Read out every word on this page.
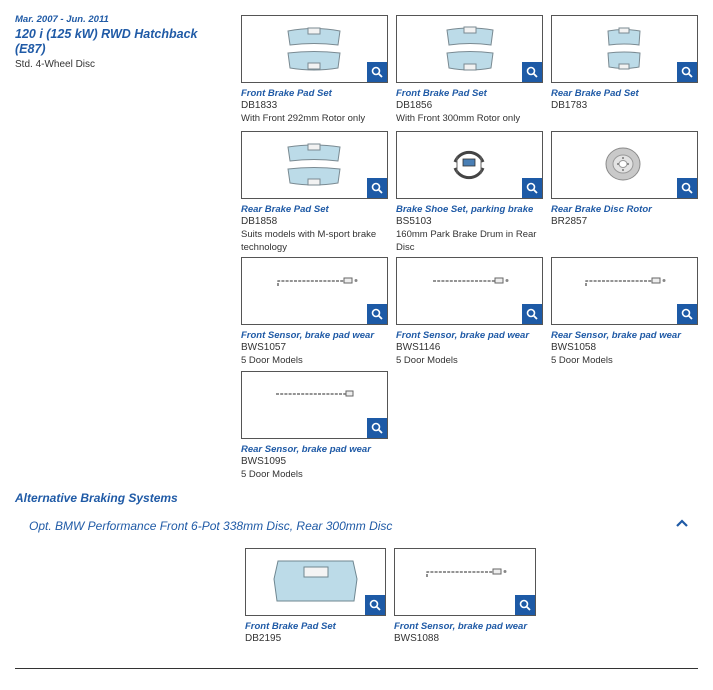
Mar. 2007 - Jun. 2011
120 i (125 kW) RWD Hatchback (E87)
Std. 4-Wheel Disc
Front Brake Pad Set
DB1833
With Front 292mm Rotor only
Front Brake Pad Set
DB1856
With Front 300mm Rotor only
Rear Brake Pad Set
DB1783
Rear Brake Pad Set
DB1858
Suits models with M-sport brake technology
Brake Shoe Set, parking brake
BS5103
160mm Park Brake Drum in Rear Disc
Rear Brake Disc Rotor
BR2857
Front Sensor, brake pad wear
BWS1057
5 Door Models
Front Sensor, brake pad wear
BWS1146
5 Door Models
Rear Sensor, brake pad wear
BWS1058
5 Door Models
Rear Sensor, brake pad wear
BWS1095
5 Door Models
Alternative Braking Systems
Opt. BMW Performance Front 6-Pot 338mm Disc, Rear 300mm Disc
Front Brake Pad Set
DB2195
Front Sensor, brake pad wear
BWS1088
